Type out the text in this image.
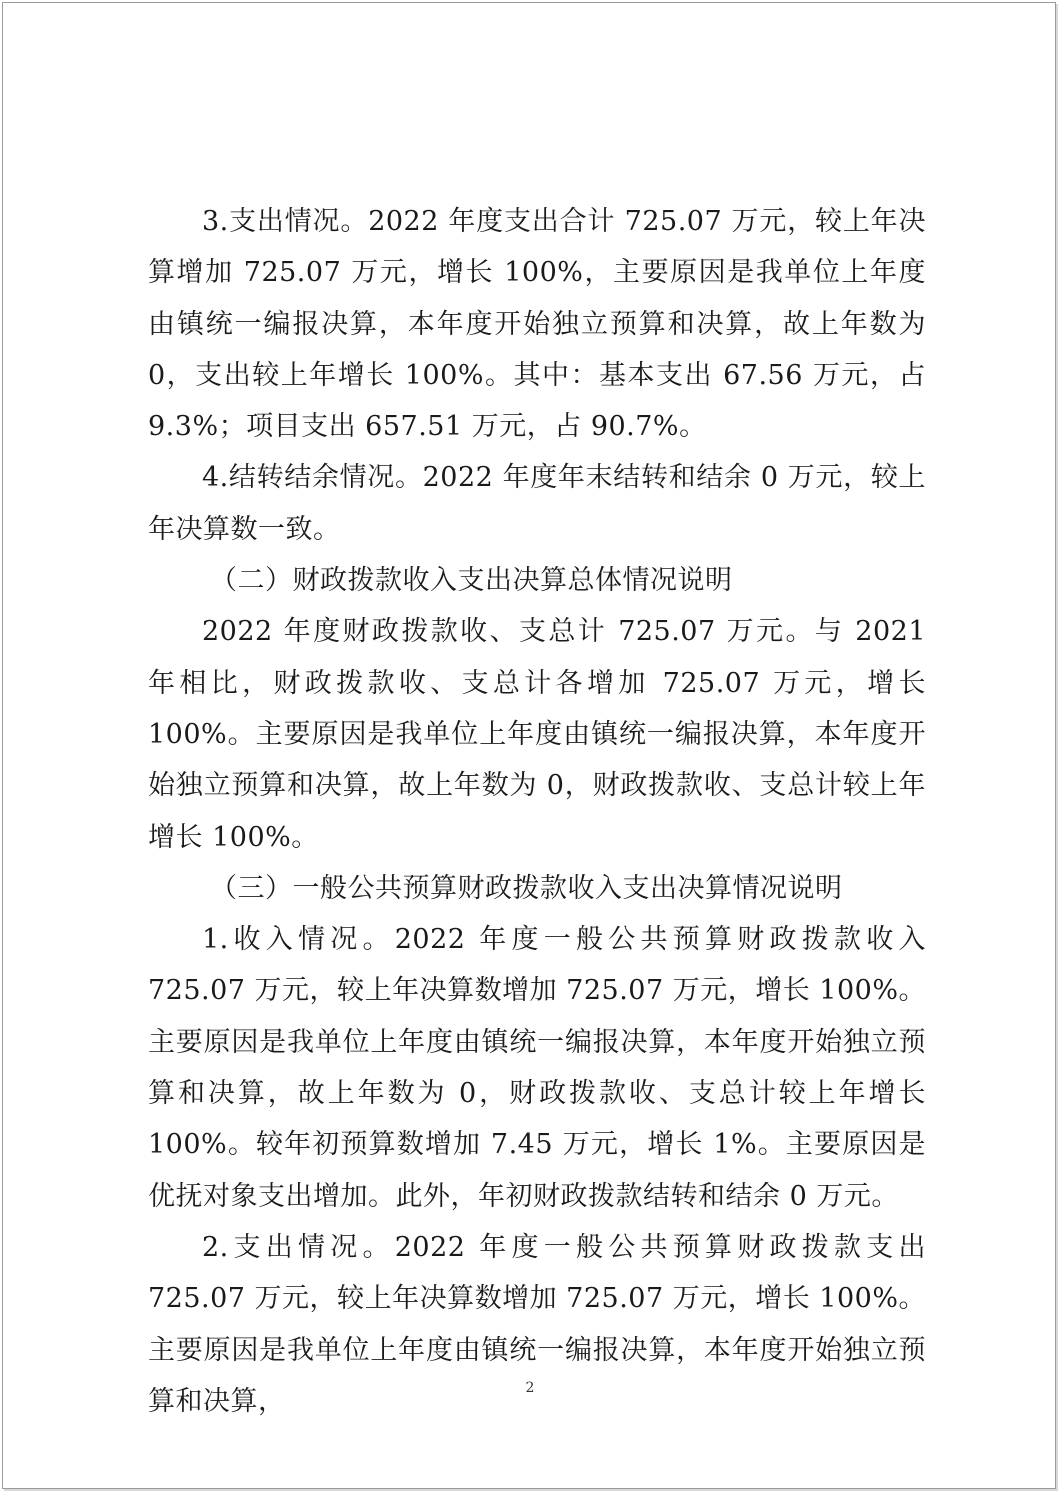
3.支出情况。2022 年度支出合计 725.07 万元，较上年决算增加 725.07 万元，增长 100%，主要原因是我单位上年度由镇统一编报决算，本年度开始独立预算和决算，故上年数为 0，支出较上年增长 100%。其中：基本支出 67.56 万元，占 9.3%；项目支出 657.51 万元，占 90.7%。

4.结转结余情况。2022 年度年末结转和结余 0 万元，较上年决算数一致。

（二）财政拨款收入支出决算总体情况说明

2022 年度财政拨款收、支总计 725.07 万元。与 2021 年相比，财政拨款收、支总计各增加 725.07 万元，增长 100%。主要原因是我单位上年度由镇统一编报决算，本年度开始独立预算和决算，故上年数为 0，财政拨款收、支总计较上年增长 100%。

（三）一般公共预算财政拨款收入支出决算情况说明

1.收入情况。2022 年度一般公共预算财政拨款收入 725.07 万元，较上年决算数增加 725.07 万元，增长 100%。主要原因是我单位上年度由镇统一编报决算，本年度开始独立预算和决算，故上年数为 0，财政拨款收、支总计较上年增长 100%。较年初预算数增加 7.45 万元，增长 1%。主要原因是优抚对象支出增加。此外，年初财政拨款结转和结余 0 万元。

2.支出情况。2022 年度一般公共预算财政拨款支出 725.07 万元，较上年决算数增加 725.07 万元，增长 100%。主要原因是我单位上年度由镇统一编报决算，本年度开始独立预算和决算，	2
